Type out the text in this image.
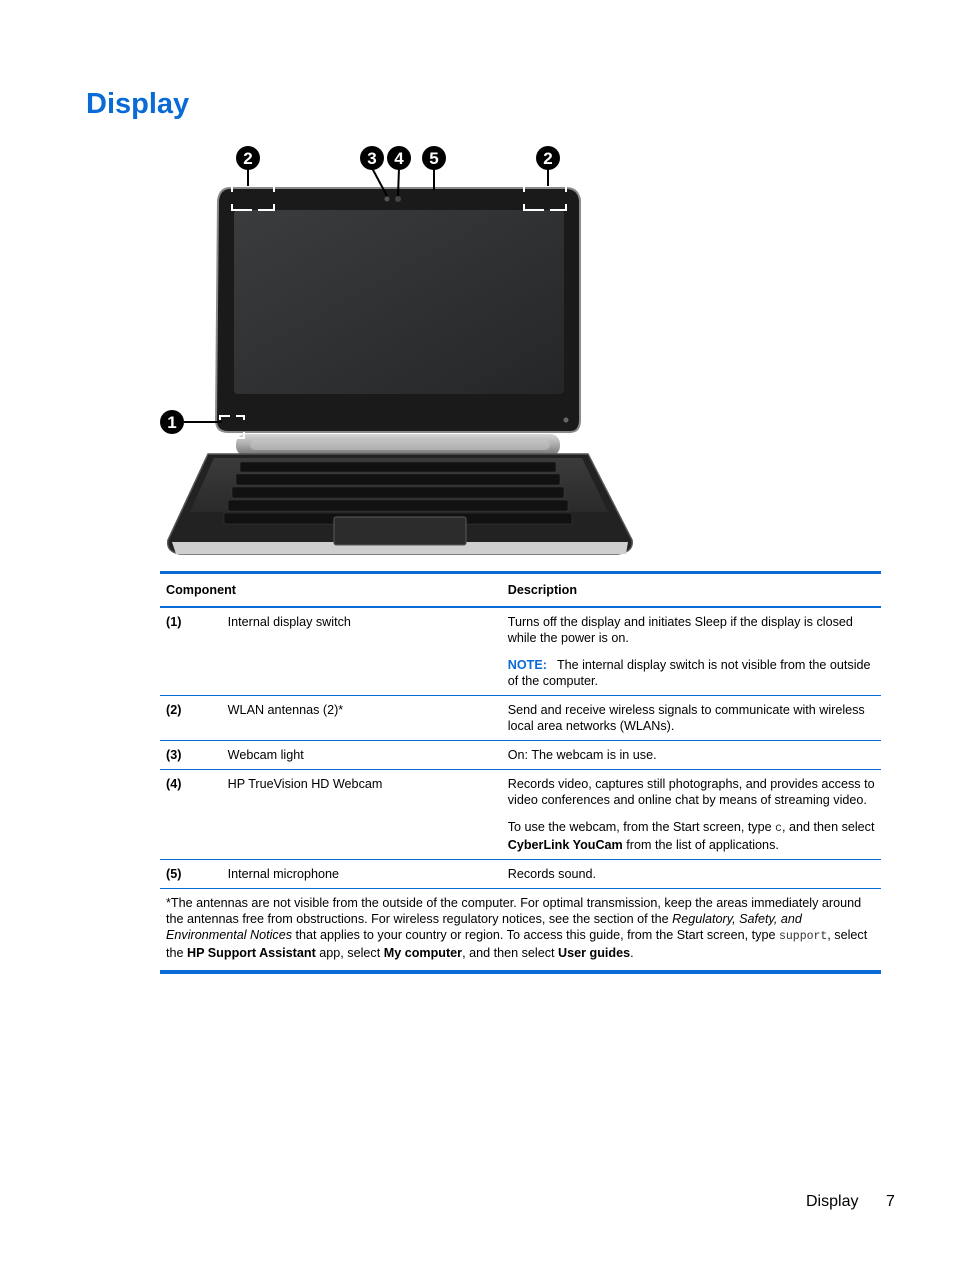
Display
2	3 4 5	2
1
Component		Description
(1)	Internal display switch	Turns off the display and initiates Sleep if the display is closed while the power is on.

NOTE: The internal display switch is not visible from the outside of the computer.

(2)	WLAN antennas (2)*	Send and receive wireless signals to communicate with wireless local area networks (WLANs).

(3)	Webcam light	On: The webcam is in use.

(4)	HP TrueVision HD Webcam	Records video, captures still photographs, and provides access to video conferences and online chat by means of streaming video.

To use the webcam, from the Start screen, type c, and then select CyberLink YouCam from the list of applications.

(5)	Internal microphone	Records sound.

*The antennas are not visible from the outside of the computer. For optimal transmission, keep the areas immediately around the antennas free from obstructions. For wireless regulatory notices, see the section of the Regulatory, Safety, and Environmental Notices that applies to your country or region. To access this guide, from the Start screen, type support, select the HP Support Assistant app, select My computer, and then select User guides.		
Display 7
